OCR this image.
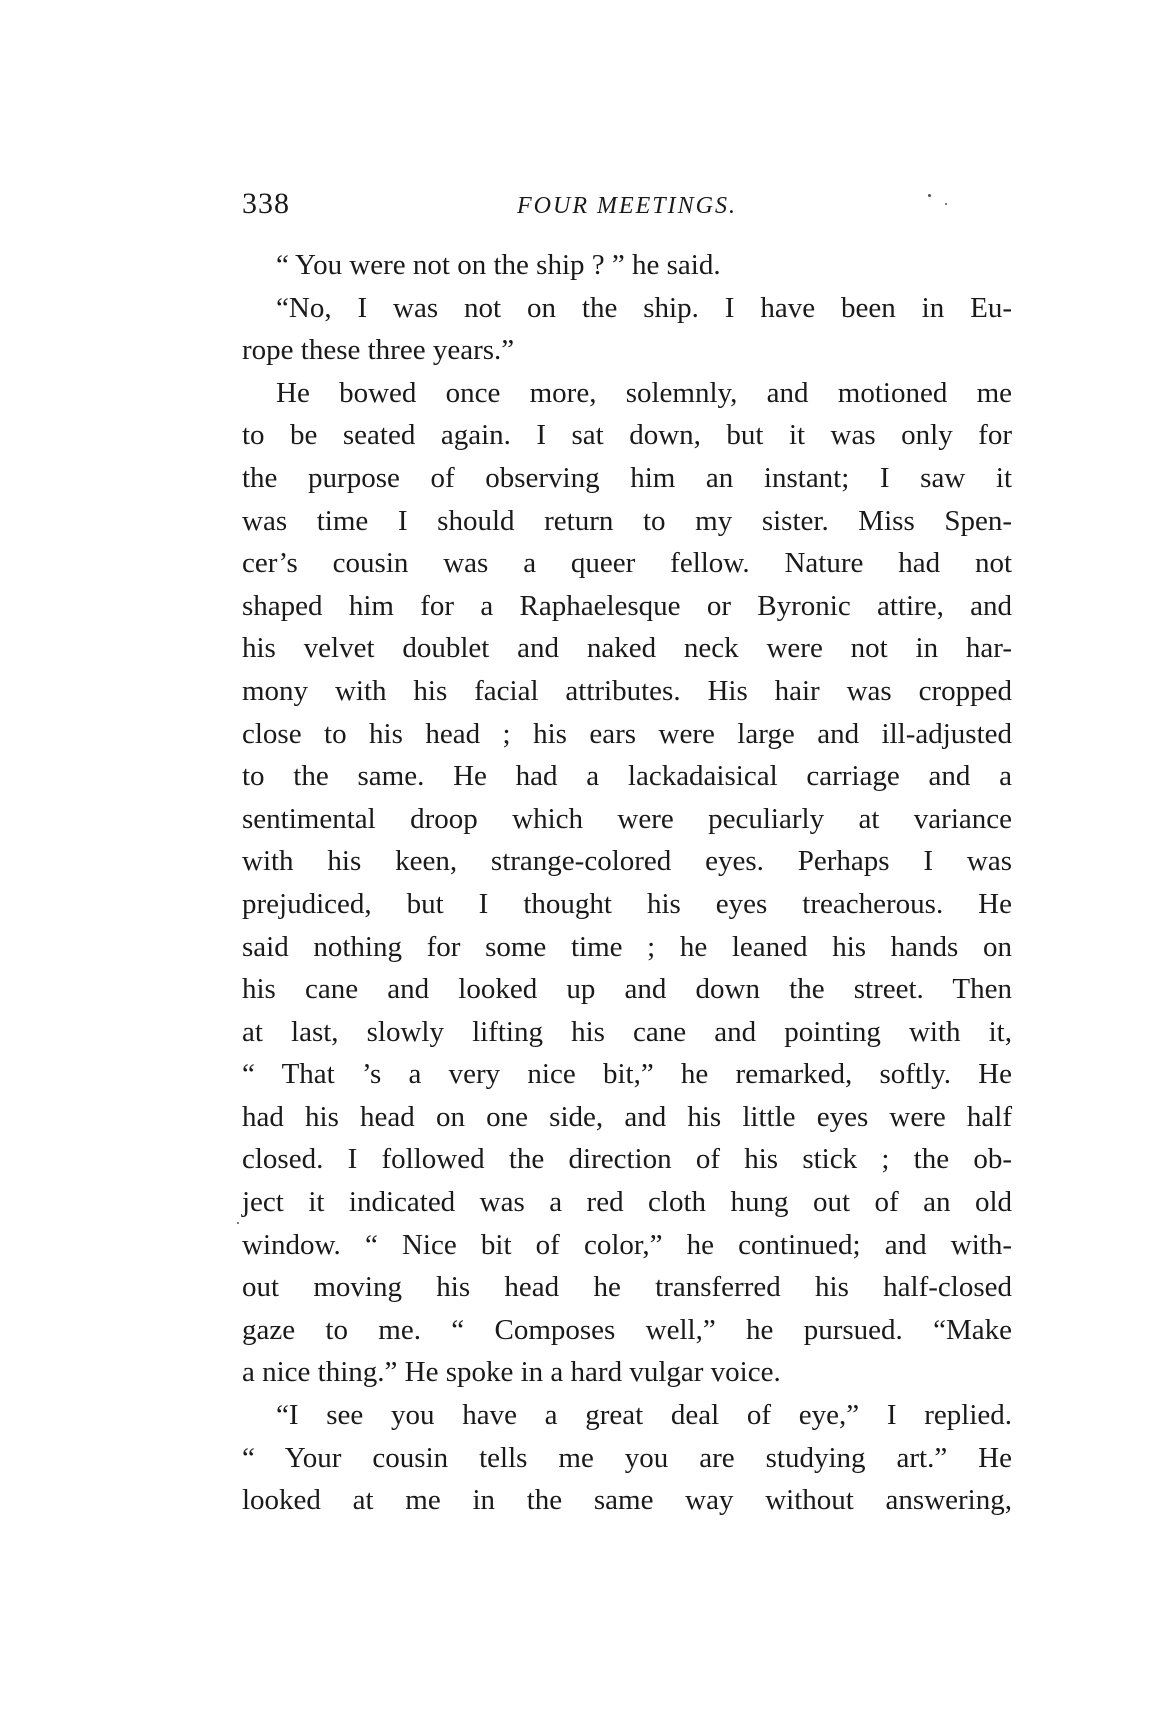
338	FOUR MEETINGS.

“ You were not on the ship ? ” he said.

“No, I was not on the ship. I have been in Eu-
rope these three years.”

He bowed once more, solemnly, and motioned me
to be seated again. I sat down, but it was only for
the purpose of observing him an instant; I saw it
was time I should return to my sister. Miss Spen-
cer’s cousin was a queer fellow. Nature had not
shaped him for a Raphaelesque or Byronic attire, and
his velvet doublet and naked neck were not in har-
mony with his facial attributes. His hair was cropped
close to his head ; his ears were large and ill-adjusted
to the same. He had a lackadaisical carriage and a
sentimental droop which were peculiarly at variance
with his keen, strange-colored eyes. Perhaps I was
prejudiced, but I thought his eyes treacherous. He
said nothing for some time ; he leaned his hands on
his cane and looked up and down the street. Then
at last, slowly lifting his cane and pointing with it,
“ That ’s a very nice bit,” he remarked, softly. He
had his head on one side, and his little eyes were half
closed. I followed the direction of his stick ; the ob-
ject it indicated was a red cloth hung out of an old
window. “ Nice bit of color,” he continued; and with-
out moving his head he transferred his half-closed
gaze to me. “ Composes well,” he pursued. “Make
a nice thing.” He spoke in a hard vulgar voice.

“I see you have a great deal of eye,” I replied.
“ Your cousin tells me you are studying art.” He
looked at me in the same way without answering,
